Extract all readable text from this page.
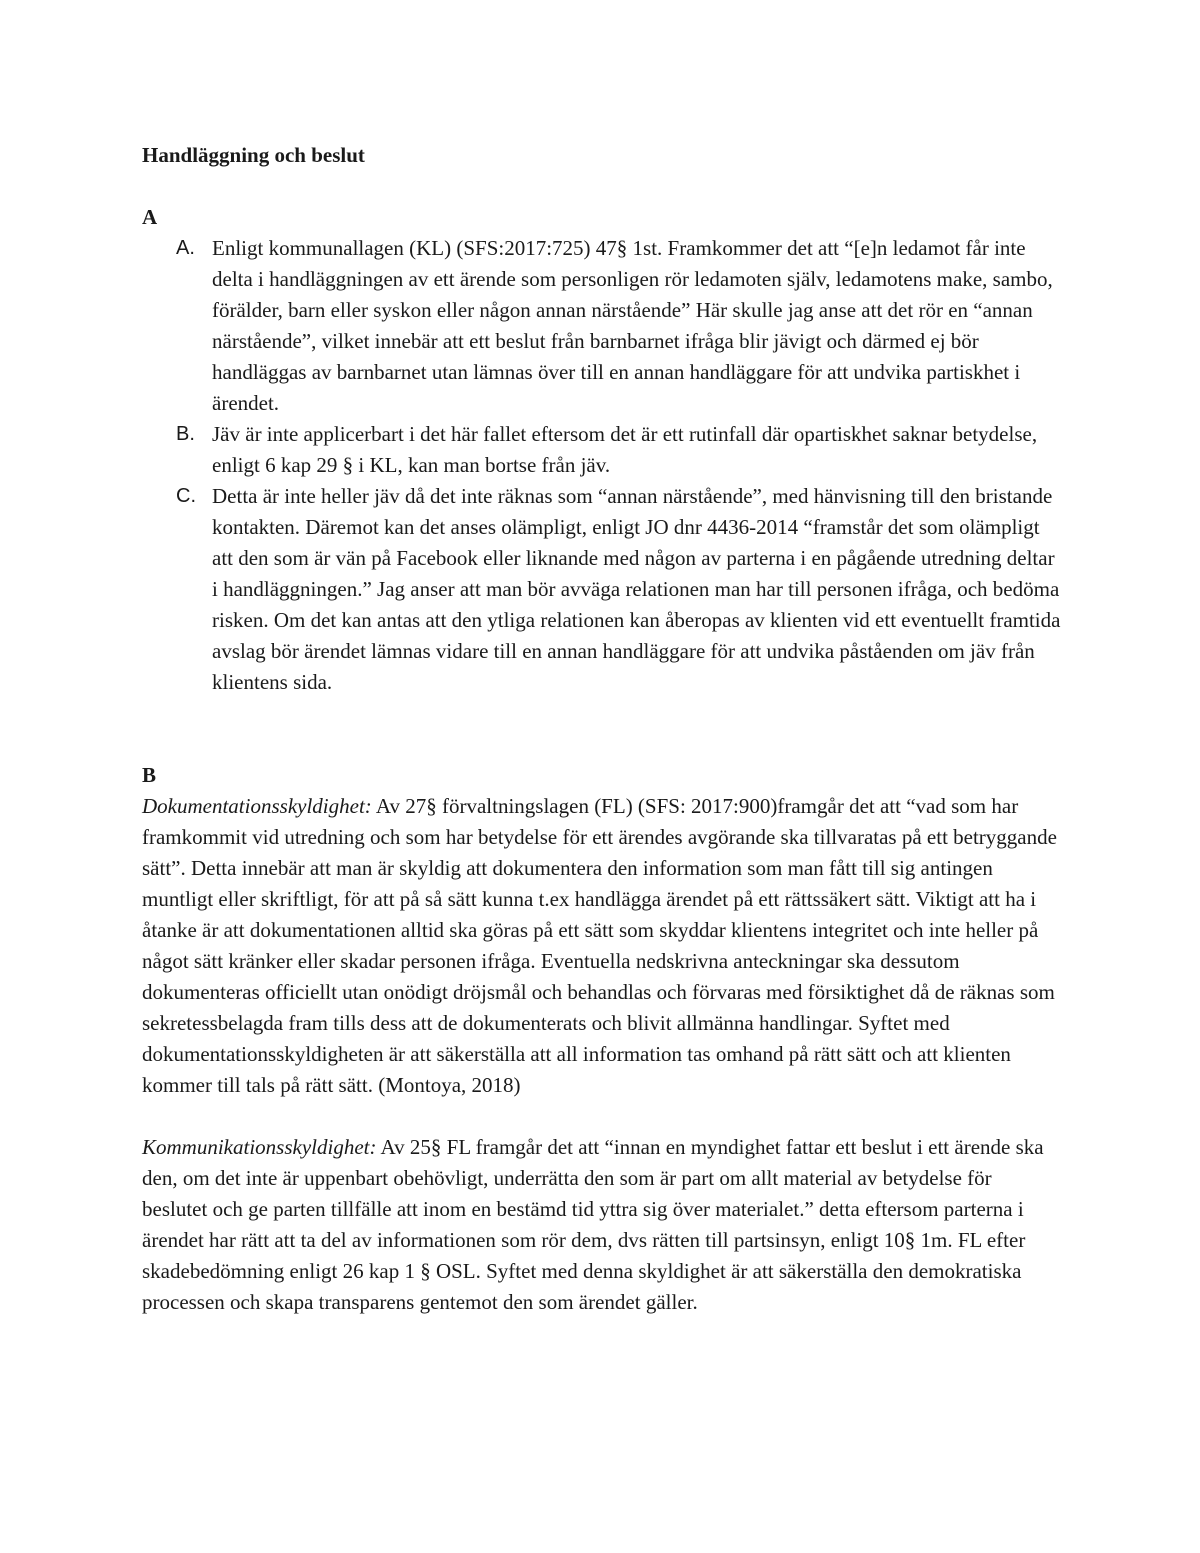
Handläggning och beslut

A

A. Enligt kommunallagen (KL) (SFS:2017:725) 47§ 1st. Framkommer det att “[e]n ledamot får inte delta i handläggningen av ett ärende som personligen rör ledamoten själv, ledamotens make, sambo, förälder, barn eller syskon eller någon annan närstående” Här skulle jag anse att det rör en “annan närstående”, vilket innebär att ett beslut från barnbarnet ifråga blir jävigt och därmed ej bör handläggas av barnbarnet utan lämnas över till en annan handläggare för att undvika partiskhet i ärendet.
B. Jäv är inte applicerbart i det här fallet eftersom det är ett rutinfall där opartiskhet saknar betydelse, enligt 6 kap 29 § i KL, kan man bortse från jäv.
C. Detta är inte heller jäv då det inte räknas som “annan närstående”, med hänvisning till den bristande kontakten. Däremot kan det anses olämpligt, enligt JO dnr 4436-2014 “framstår det som olämpligt att den som är vän på Facebook eller liknande med någon av parterna i en pågående utredning deltar i handläggningen.” Jag anser att man bör avväga relationen man har till personen ifråga, och bedöma risken. Om det kan antas att den ytliga relationen kan åberopas av klienten vid ett eventuellt framtida avslag bör ärendet lämnas vidare till en annan handläggare för att undvika påståenden om jäv från klientens sida.

B

Dokumentationsskyldighet: Av 27§ förvaltningslagen (FL) (SFS: 2017:900)framgår det att “vad som har framkommit vid utredning och som har betydelse för ett ärendes avgörande ska tillvaratas på ett betryggande sätt”. Detta innebär att man är skyldig att dokumentera den information som man fått till sig antingen muntligt eller skriftligt, för att på så sätt kunna t.ex handlägga ärendet på ett rättssäkert sätt. Viktigt att ha i åtanke är att dokumentationen alltid ska göras på ett sätt som skyddar klientens integritet och inte heller på något sätt kränker eller skadar personen ifråga. Eventuella nedskrivna anteckningar ska dessutom dokumenteras officiellt utan onödigt dröjsmål och behandlas och förvaras med försiktighet då de räknas som sekretessbelagda fram tills dess att de dokumenterats och blivit allmänna handlingar. Syftet med dokumentationsskyldigheten är att säkerställa att all information tas omhand på rätt sätt och att klienten kommer till tals på rätt sätt. (Montoya, 2018)

Kommunikationsskyldighet: Av 25§ FL framgår det att “innan en myndighet fattar ett beslut i ett ärende ska den, om det inte är uppenbart obehövligt, underrätta den som är part om allt material av betydelse för beslutet och ge parten tillfälle att inom en bestämd tid yttra sig över materialet.” detta eftersom parterna i ärendet har rätt att ta del av informationen som rör dem, dvs rätten till partsinsyn, enligt 10§ 1m. FL efter skadebedömning enligt 26 kap 1 § OSL. Syftet med denna skyldighet är att säkerställa den demokratiska processen och skapa transparens gentemot den som ärendet gäller.
